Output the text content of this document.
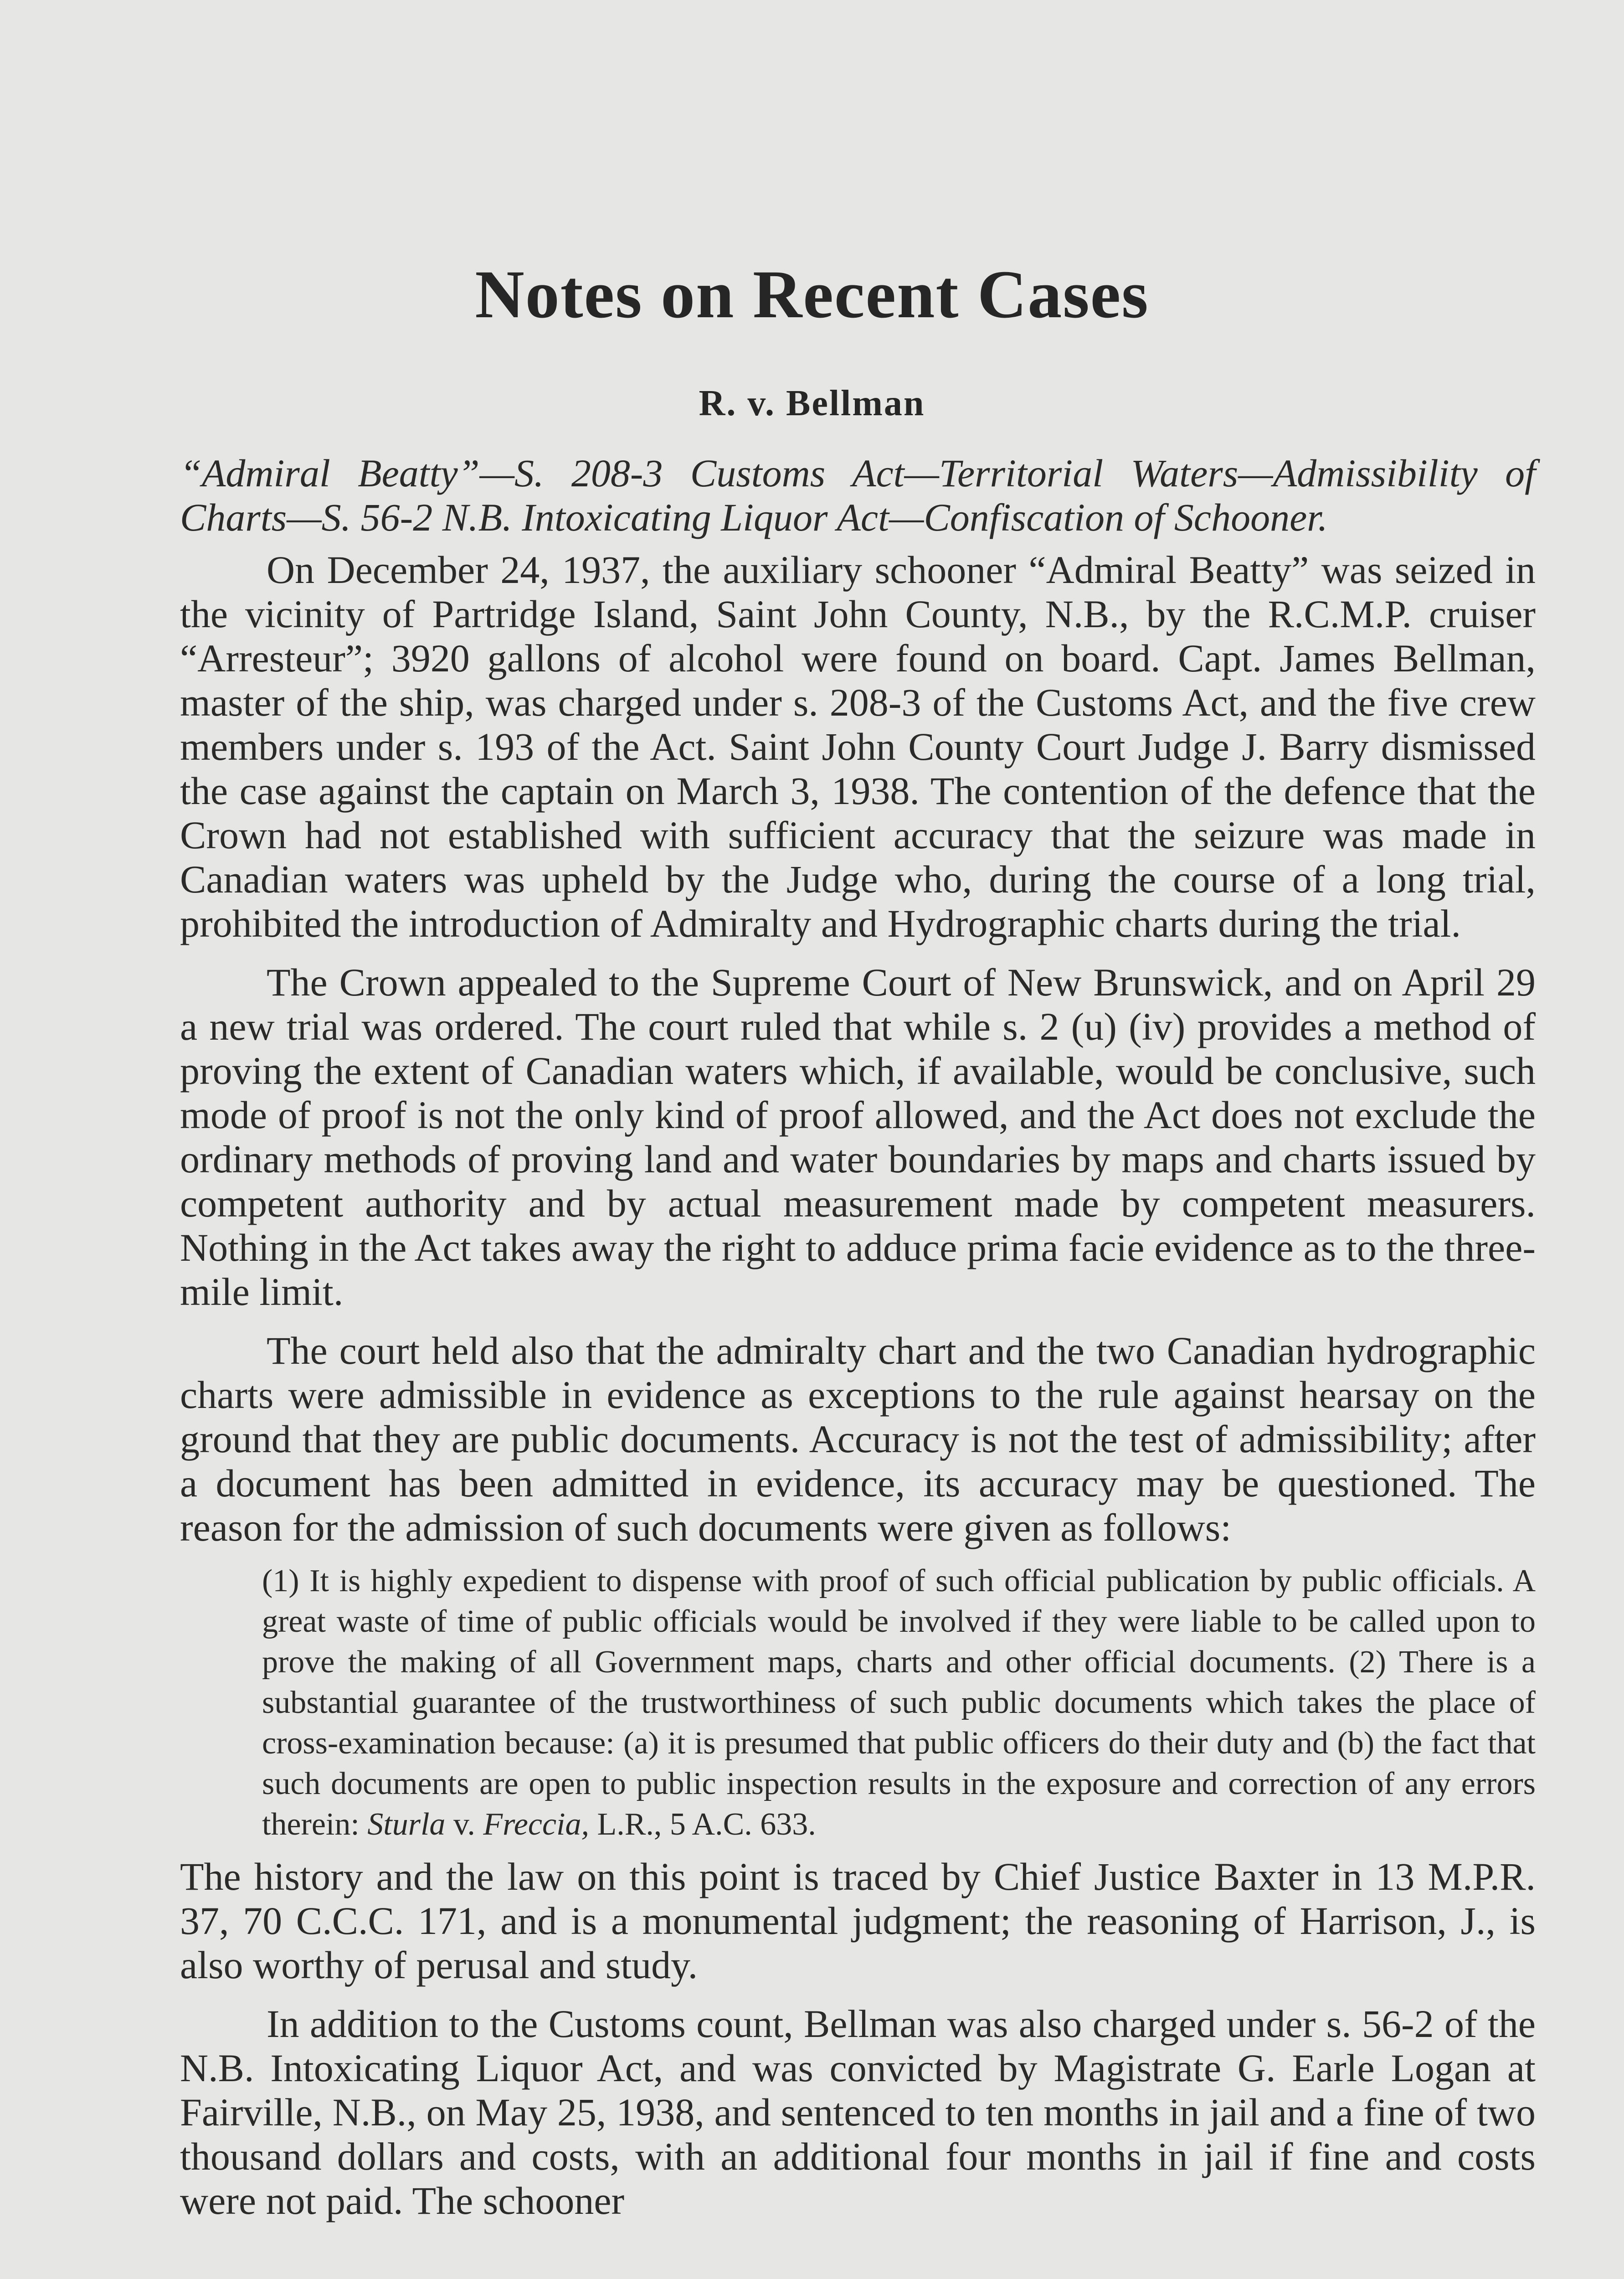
Notes on Recent Cases
R. v. Bellman

“Admiral Beatty”—S. 208-3 Customs Act—Territorial Waters—Admissibility of Charts—S. 56-2 N.B. Intoxicating Liquor Act—Confiscation of Schooner.

On December 24, 1937, the auxiliary schooner “Admiral Beatty” was seized in the vicinity of Partridge Island, Saint John County, N.B., by the R.C.M.P. cruiser “Arresteur”; 3920 gallons of alcohol were found on board. Capt. James Bellman, master of the ship, was charged under s. 208-3 of the Customs Act, and the five crew members under s. 193 of the Act. Saint John County Court Judge J. Barry dismissed the case against the captain on March 3, 1938. The contention of the defence that the Crown had not established with sufficient accuracy that the seizure was made in Canadian waters was upheld by the Judge who, during the course of a long trial, prohibited the introduction of Admiralty and Hydrographic charts during the trial.

The Crown appealed to the Supreme Court of New Brunswick, and on April 29 a new trial was ordered. The court ruled that while s. 2 (u) (iv) provides a method of proving the extent of Canadian waters which, if available, would be conclusive, such mode of proof is not the only kind of proof allowed, and the Act does not exclude the ordinary methods of proving land and water boundaries by maps and charts issued by competent authority and by actual measurement made by competent measurers. Nothing in the Act takes away the right to adduce prima facie evidence as to the three-mile limit.

The court held also that the admiralty chart and the two Canadian hydrographic charts were admissible in evidence as exceptions to the rule against hearsay on the ground that they are public documents. Accuracy is not the test of admissibility; after a document has been admitted in evidence, its accuracy may be questioned. The reason for the admission of such documents were given as follows:

(1) It is highly expedient to dispense with proof of such official publication by public officials. A great waste of time of public officials would be involved if they were liable to be called upon to prove the making of all Government maps, charts and other official documents. (2) There is a substantial guarantee of the trustworthiness of such public documents which takes the place of cross-examination because: (a) it is presumed that public officers do their duty and (b) the fact that such documents are open to public inspection results in the exposure and correction of any errors therein: Sturla v. Freccia, L.R., 5 A.C. 633.

The history and the law on this point is traced by Chief Justice Baxter in 13 M.P.R. 37, 70 C.C.C. 171, and is a monumental judgment; the reasoning of Harrison, J., is also worthy of perusal and study.

In addition to the Customs count, Bellman was also charged under s. 56-2 of the N.B. Intoxicating Liquor Act, and was convicted by Magistrate G. Earle Logan at Fairville, N.B., on May 25, 1938, and sentenced to ten months in jail and a fine of two thousand dollars and costs, with an additional four months in jail if fine and costs were not paid. The schooner
